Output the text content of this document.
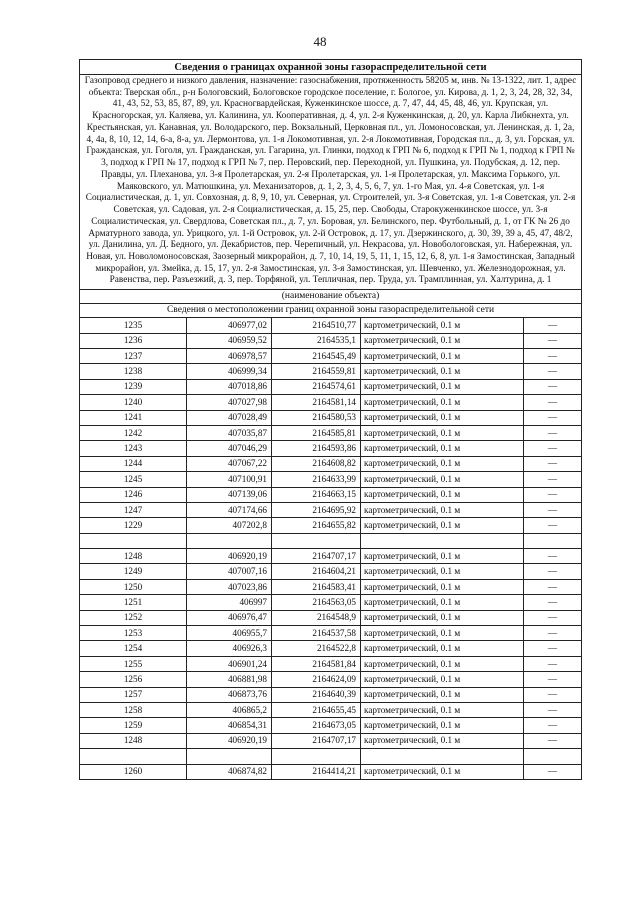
48
Сведения о границах охранной зоны газораспределительной сети				
Газопровод среднего и низкого давления, назначение: газоснабжения, протяженность 58205 м, инв. № 13-1322, лит. 1, адрес объекта: Тверская обл., р-н Бологовский, Бологовское городское поселение, г. Бологое, ул. Кирова, д. 1, 2, 3, 24, 28, 32, 34, 41, 43, 52, 53, 85, 87, 89, ул. Красногвардейская, Куженкинское шоссе, д. 7, 47, 44, 45, 48, 46, ул. Крупская, ул. Красногорская, ул. Каляева, ул. Калинина, ул. Кооперативная, д. 4, ул. 2-я Куженкинская, д. 20, ул. Карла Либкнехта, ул. Крестьянская, ул. Канавная, ул. Володарского, пер. Вокзальный, Церковная пл., ул. Ломоносовская, ул. Ленинская, д. 1, 2а, 4, 4а, 8, 10, 12, 14, 6-а, 8-а, ул. Лермонтова, ул. 1-я Локомотивная, ул. 2-я Локомотивная, Городская пл., д. 3, ул. Горская, ул. Гражданская, ул. Гоголя, ул. Гражданская, ул. Гагарина, ул. Глинки, подход к ГРП № 6, подход к ГРП № 1, подход к ГРП № 3, подход к ГРП № 17, подход к ГРП № 7, пер. Перовский, пер. Переходной, ул. Пушкина, ул. Подубская, д. 12, пер. Правды, ул. Плеханова, ул. 3-я Пролетарская, ул. 2-я Пролетарская, ул. 1-я Пролетарская, ул. Максима Горького, ул. Маяковского, ул. Матюшкина, ул. Механизаторов, д. 1, 2, 3, 4, 5, 6, 7, ул. 1-го Мая, ул. 4-я Советская, ул. 1-я Социалистическая, д. 1, ул. Совхозная, д. 8, 9, 10, ул. Северная, ул. Строителей, ул. 3-я Советская, ул. 1-я Советская, ул. 2-я Советская, ул. Садовая, ул. 2-я Социалистическая, д. 15, 25, пер. Свободы, Старокуженкинское шоссе, ул. 3-я Социалистическая, ул. Свердлова, Советская пл., д. 7, ул. Боровая, ул. Белинского, пер. Футбольный, д. 1, от ГК № 26 до Арматурного завода, ул. Урицкого, ул. 1-й Островок, ул. 2-й Островок, д. 17, ул. Дзержинского, д. 30, 39, 39 а, 45, 47, 48/2, ул. Данилина, ул. Д. Бедного, ул. Декабристов, пер. Черепичный, ул. Некрасова, ул. Новобологовская, ул. Набережная, ул. Новая, ул. Новоломоносовская, Заозерный микрорайон, д. 7, 10, 14, 19, 5, 11, 1, 15, 12, 6, 8, ул. 1-я Замостинская, Западный микрорайон, ул. Змейка, д. 15, 17, ул. 2-я Замостинская, ул. 3-я Замостинская, ул. Шевченко, ул. Железнодорожная, ул. Равенства, пер. Разъезжий, д. 3, пер. Торфяной, ул. Тепличная, пер. Труда, ул. Трамплинная, ул. Халтурина, д. 1				
(наименование объекта)				
Сведения о местоположении границ охранной зоны газораспределительной сети				
1235	406977,02	2164510,77	картометрический, 0.1 м	—
1236	406959,52	2164535,1	картометрический, 0.1 м	—
1237	406978,57	2164545,49	картометрический, 0.1 м	—
1238	406999,34	2164559,81	картометрический, 0.1 м	—
1239	407018,86	2164574,61	картометрический, 0.1 м	—
1240	407027,98	2164581,14	картометрический, 0.1 м	—
1241	407028,49	2164580,53	картометрический, 0.1 м	—
1242	407035,87	2164585,81	картометрический, 0.1 м	—
1243	407046,29	2164593,86	картометрический, 0.1 м	—
1244	407067,22	2164608,82	картометрический, 0.1 м	—
1245	407100,91	2164633,99	картометрический, 0.1 м	—
1246	407139,06	2164663,15	картометрический, 0.1 м	—
1247	407174,66	2164695,92	картометрический, 0.1 м	—
1229	407202,8	2164655,82	картометрический, 0.1 м	—

1248	406920,19	2164707,17	картометрический, 0.1 м	—
1249	407007,16	2164604,21	картометрический, 0.1 м	—
1250	407023,86	2164583,41	картометрический, 0.1 м	—
1251	406997	2164563,05	картометрический, 0.1 м	—
1252	406976,47	2164548,9	картометрический, 0.1 м	—
1253	406955,7	2164537,58	картометрический, 0.1 м	—
1254	406926,3	2164522,8	картометрический, 0.1 м	—
1255	406901,24	2164581,84	картометрический, 0.1 м	—
1256	406881,98	2164624,09	картометрический, 0.1 м	—
1257	406873,76	2164640,39	картометрический, 0.1 м	—
1258	406865,2	2164655,45	картометрический, 0.1 м	—
1259	406854,31	2164673,05	картометрический, 0.1 м	—
1248	406920,19	2164707,17	картометрический, 0.1 м	—

1260	406874,82	2164414,21	картометрический, 0.1 м	—
